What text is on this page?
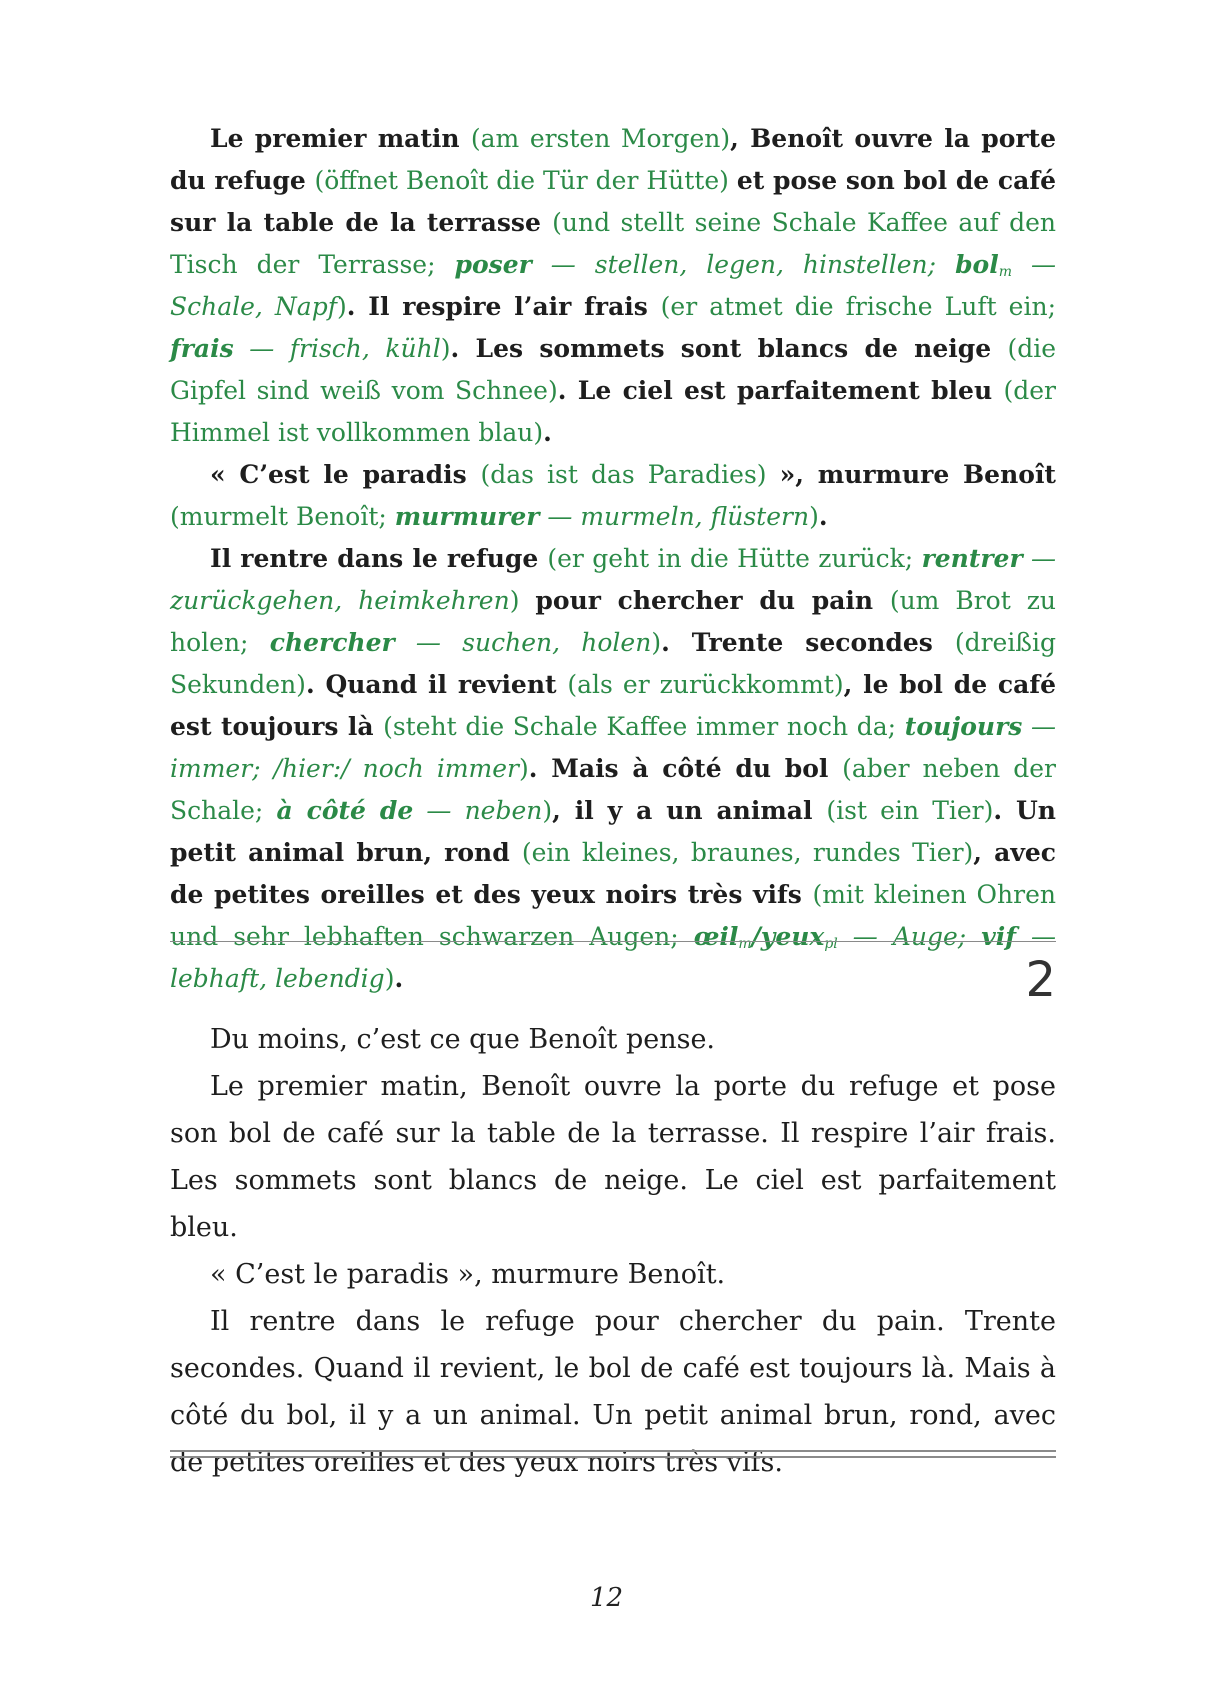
Le premier matin (am ersten Morgen), Benoît ouvre la porte du refuge (öffnet Benoît die Tür der Hütte) et pose son bol de café sur la table de la terrasse (und stellt seine Schale Kaffee auf den Tisch der Terrasse; poser — stellen, legen, hinstellen; bol$_m$ — Schale, Napf). Il respire l’air frais (er atmet die frische Luft ein; frais — frisch, kühl). Les sommets sont blancs de neige (die Gipfel sind weiß vom Schnee). Le ciel est parfaitement bleu (der Himmel ist vollkommen blau).

« C’est le paradis (das ist das Paradies) », murmure Benoît (murmelt Benoît; murmurer — murmeln, flüstern).

Il rentre dans le refuge (er geht in die Hütte zurück; rentrer — zurückgehen, heimkehren) pour chercher du pain (um Brot zu holen; chercher — suchen, holen). Trente secondes (dreißig Sekunden). Quand il revient (als er zurückkommt), le bol de café est toujours là (steht die Schale Kaffee immer noch da; toujours — immer; /hier:/ noch immer). Mais à côté du bol (aber neben der Schale; à côté de — neben), il y a un animal (ist ein Tier). Un petit animal brun, rond (ein kleines, braunes, rundes Tier), avec de petites oreilles et des yeux noirs très vifs (mit kleinen Ohren und sehr lebhaften schwarzen Augen; œil$_m$/yeux$_{pl}$ — Auge; vif — lebhaft, lebendig).	2

Du moins, c’est ce que Benoît pense.

Le premier matin, Benoît ouvre la porte du refuge et pose son bol de café sur la table de la terrasse. Il respire l’air frais. Les sommets sont blancs de neige. Le ciel est parfaitement bleu.

« C’est le paradis », murmure Benoît.

Il rentre dans le refuge pour chercher du pain. Trente secondes. Quand il revient, le bol de café est toujours là. Mais à côté du bol, il y a un animal. Un petit animal brun, rond, avec de petites oreilles et des yeux noirs très vifs.

12
